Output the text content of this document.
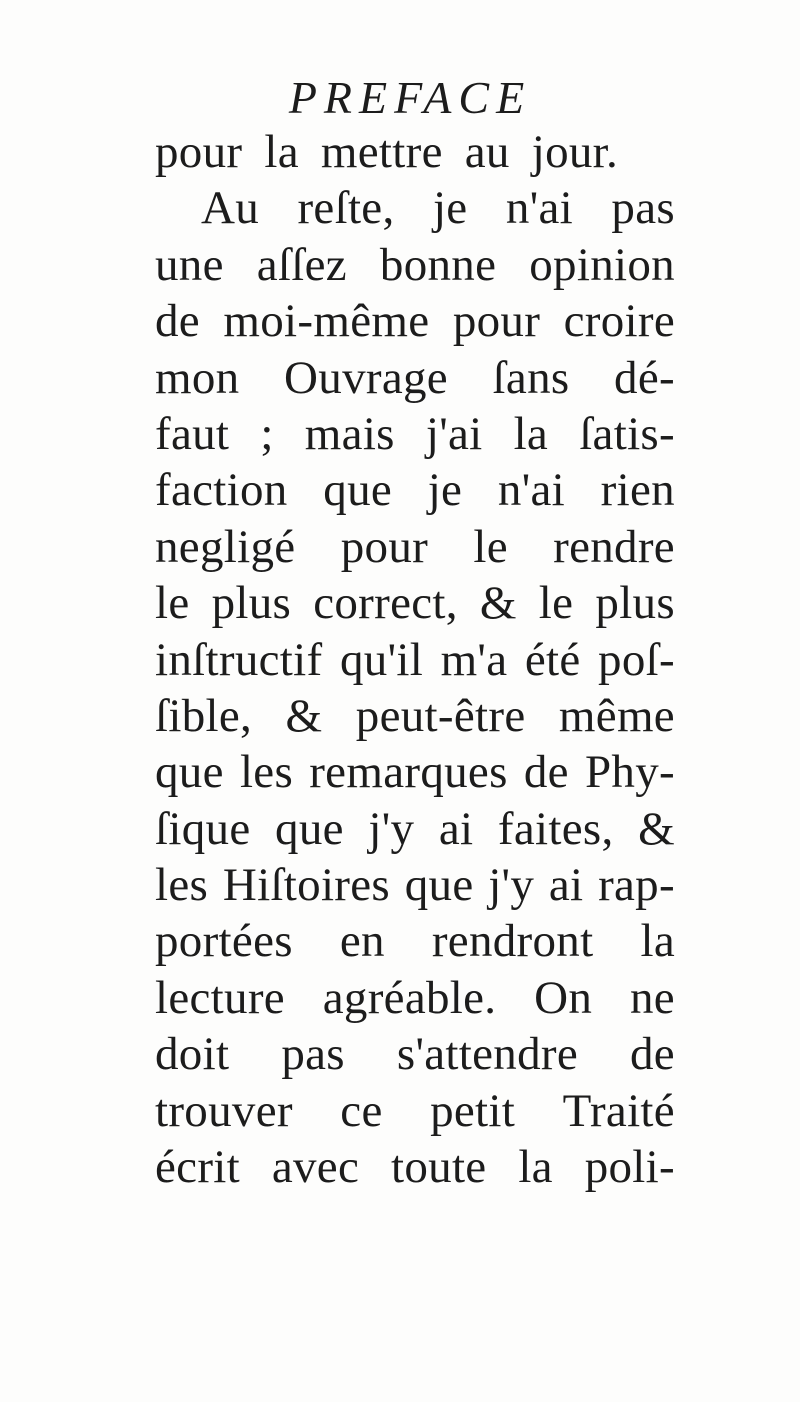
PREFACE
pour la mettre au jour.
Au reſte, je n'ai pas
une aſſez bonne opinion
de moi-même pour croire
mon Ouvrage ſans dé-
faut ; mais j'ai la ſatis-
faction que je n'ai rien
negligé pour le rendre
le plus correct, & le plus
inſtructif qu'il m'a été poſ-
ſible, & peut-être même
que les remarques de Phy-
ſique que j'y ai faites, &
les Hiſtoires que j'y ai rap-
portées en rendront la
lecture agréable. On ne
doit pas s'attendre de
trouver ce petit Traité
écrit avec toute la poli-
